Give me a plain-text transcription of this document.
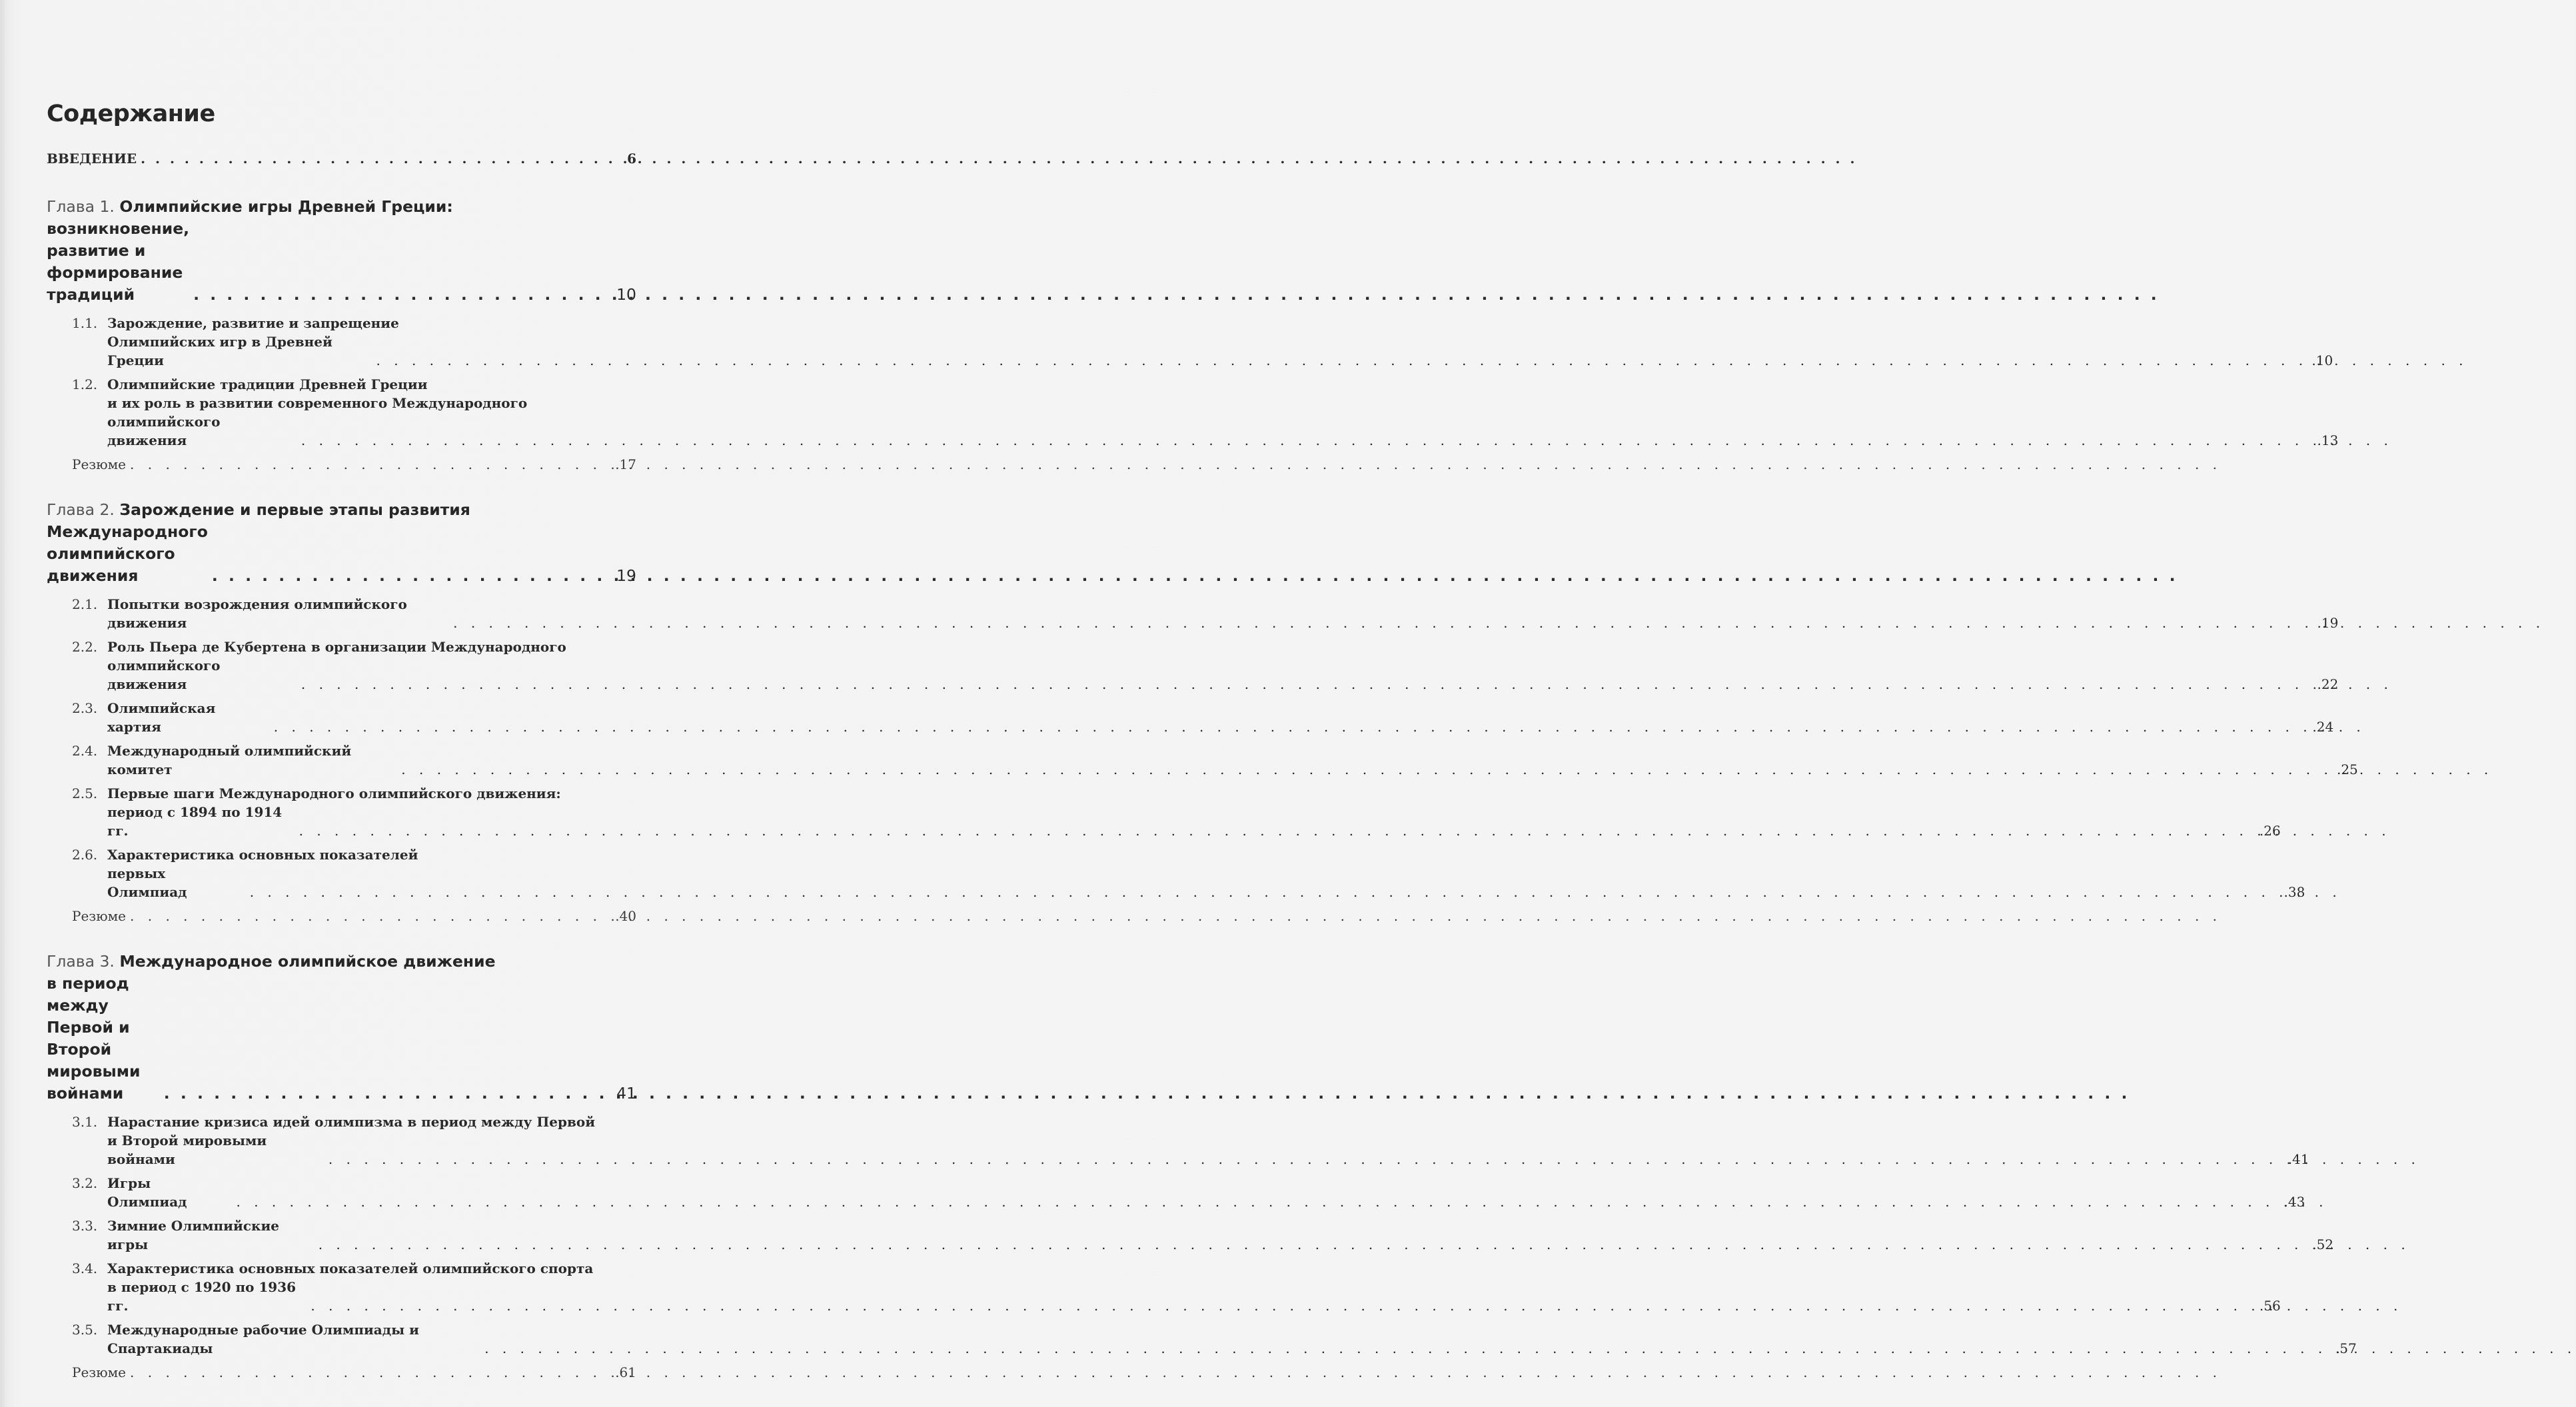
Содержание
ВВЕДЕНИЕ . . .	6
Глава 1. Олимпийские игры Древней Греции:
возникновение, развитие и формирование традиций . . .	10
1.1. Зарождение, развитие и запрещение
Олимпийских игр в Древней Греции . . .	.10
1.2. Олимпийские традиции Древней Греции
и их роль в развитии современного Международного
олимпийского движения . . .	.13
Резюме . . .	.17
Глава 2. Зарождение и первые этапы развития
Международного олимпийского движения . . .	19
2.1. Попытки возрождения олимпийского движения . . .	.19
2.2. Роль Пьера де Кубертена в организации Международного
олимпийского движения . . .	.22
2.3. Олимпийская хартия . . .	.24
2.4. Международный олимпийский комитет . . .	.25
2.5. Первые шаги Международного олимпийского движения:
период с 1894 по 1914 гг. . . .	.26
2.6. Характеристика основных показателей
первых Олимпиад . . .	.38
Резюме . . .	.40
Глава 3. Международное олимпийское движение
в период между Первой и Второй мировыми войнами . . .	41
3.1. Нарастание кризиса идей олимпизма в период между Первой
и Второй мировыми войнами . . .	.41
3.2. Игры Олимпиад . . .	.43
3.3. Зимние Олимпийские игры . . .	.52
3.4. Характеристика основных показателей олимпийского спорта
в период с 1920 по 1936 гг. . . .	.56
3.5. Международные рабочие Олимпиады и Спартакиады . . .	.57
Резюме . . .	.61
